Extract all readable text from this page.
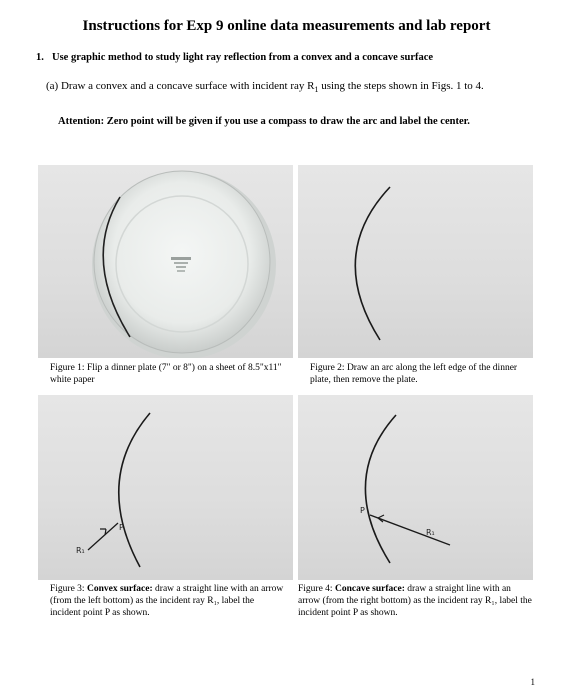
Instructions for Exp 9 online data measurements and lab report
1. Use graphic method to study light ray reflection from a convex and a concave surface
(a) Draw a convex and a concave surface with incident ray $R_1$ using the steps shown in Figs. 1 to 4.
Attention: Zero point will be given if you use a compass to draw the arc and label the center.
Figure 1: Flip a dinner plate (7" or 8") on a sheet of 8.5"x11" white paper
Figure 2: Draw an arc along the left edge of the dinner plate, then remove the plate.
R₁
P
Figure 3: Convex surface: draw a straight line with an arrow (from the left bottom) as the incident ray R₁, label the incident point P as shown.
P
R₁
Figure 4: Concave surface: draw a straight line with an arrow (from the right bottom) as the incident ray R₁, label the incident point P as shown.
1
